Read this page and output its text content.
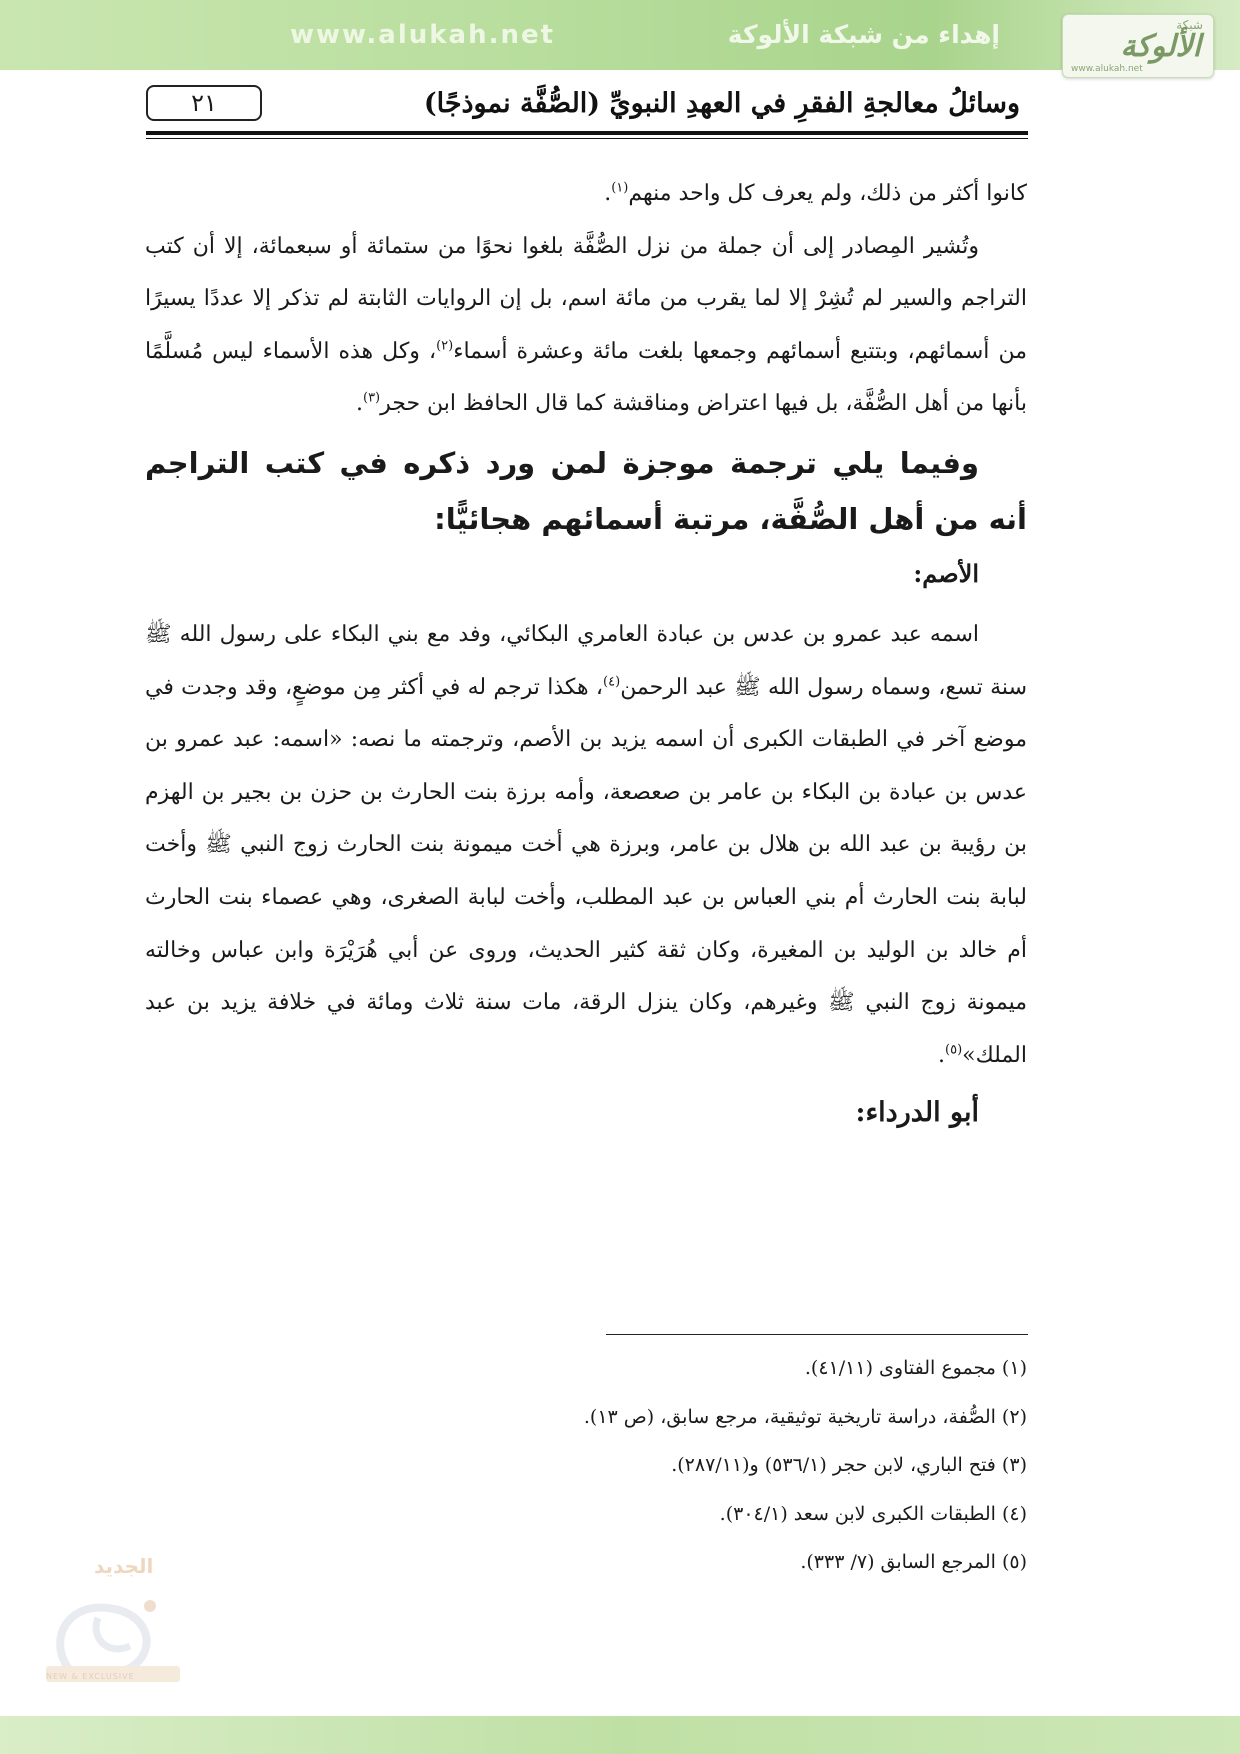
www.alukah.net	إهداء من شبكة الألوكة	شبكة
الألوكة
www.alukah.net
وسائلُ معالجةِ الفقرِ في العهدِ النبويِّ (الصُّفَّة نموذجًا)
٢١

كانوا أكثر من ذلك، ولم يعرف كل واحد منهم$^{(١)}$.

وتُشير المِصادر إلى أن جملة من نزل الصُّفَّة بلغوا نحوًا من ستمائة أو سبعمائة، إلا أن كتب التراجم والسير لم تُشِرْ إلا لما يقرب من مائة اسم، بل إن الروايات الثابتة لم تذكر إلا عددًا يسيرًا من أسمائهم، وبتتبع أسمائهم وجمعها بلغت مائة وعشرة أسماء$^{(٢)}$، وكل هذه الأسماء ليس مُسلَّمًا بأنها من أهل الصُّفَّة، بل فيها اعتراض ومناقشة كما قال الحافظ ابن حجر$^{(٣)}$.

وفيما يلي ترجمة موجزة لمن ورد ذكره في كتب التراجم أنه من أهل الصُّفَّة، مرتبة أسمائهم هجائيًّا:

الأصم:

اسمه عبد عمرو بن عدس بن عبادة العامري البكائي، وفد مع بني البكاء على رسول الله ﷺ سنة تسع، وسماه رسول الله ﷺ عبد الرحمن$^{(٤)}$، هكذا ترجم له في أكثر مِن موضعٍ، وقد وجدت في موضع آخر في الطبقات الكبرى أن اسمه يزيد بن الأصم، وترجمته ما نصه: «اسمه: عبد عمرو بن عدس بن عبادة بن البكاء بن عامر بن صعصعة، وأمه برزة بنت الحارث بن حزن بن بجير بن الهزم بن رؤيبة بن عبد الله بن هلال بن عامر، وبرزة هي أخت ميمونة بنت الحارث زوج النبي ﷺ وأخت لبابة بنت الحارث أم بني العباس بن عبد المطلب، وأخت لبابة الصغرى، وهي عصماء بنت الحارث أم خالد بن الوليد بن المغيرة، وكان ثقة كثير الحديث، وروى عن أبي هُرَيْرَة وابن عباس وخالته ميمونة زوج النبي ﷺ وغيرهم، وكان ينزل الرقة، مات سنة ثلاث ومائة في خلافة يزيد بن عبد الملك»$^{(٥)}$.

أبو الدرداء:

(١) مجموع الفتاوى (٤١/١١).
(٢) الصُّفة، دراسة تاريخية توثيقية، مرجع سابق، (ص ١٣).
(٣) فتح الباري، لابن حجر (٥٣٦/١) و(٢٨٧/١١).
(٤) الطبقات الكبرى لابن سعد (٣٠٤/١).
(٥) المرجع السابق (٧/ ٣٣٣).
الجديد
NEW & EXCLUSIVE
